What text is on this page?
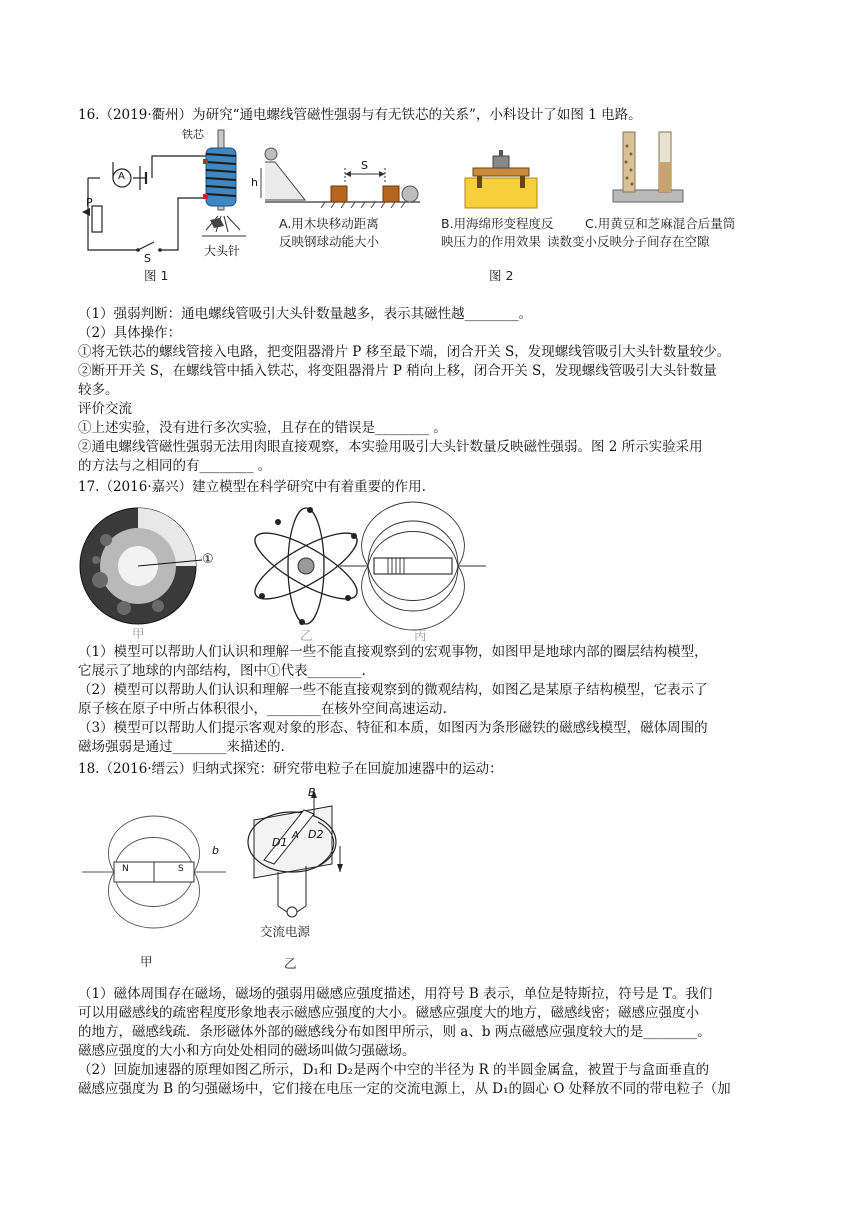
16.（2019·衢州）为研究“通电螺线管磁性强弱与有无铁芯的关系”，小科设计了如图 1 电路。
铁芯
大头针
P
S
A
图 1
h
S
A.用木块移动距离
反映钢球动能大小
B.用海绵形变程度反
映压力的作用效果
C.用黄豆和芝麻混合后量筒
读数变小反映分子间存在空隙
图 2
（1）强弱判断：通电螺线管吸引大头针数量越多，表示其磁性越________。
（2）具体操作：
①将无铁芯的螺线管接入电路，把变阻器滑片 P 移至最下端，闭合开关 S，发现螺线管吸引大头针数量较少。
②断开开关 S，在螺线管中插入铁芯，将变阻器滑片 P 稍向上移，闭合开关 S，发现螺线管吸引大头针数量
较多。
评价交流
①上述实验，没有进行多次实验，且存在的错误是________ 。
②通电螺线管磁性强弱无法用肉眼直接观察，本实验用吸引大头针数量反映磁性强弱。图 2 所示实验采用
的方法与之相同的有________ 。
17.（2016·嘉兴）建立模型在科学研究中有着重要的作用.
①
甲	乙	丙
（1）模型可以帮助人们认识和理解一些不能直接观察到的宏观事物，如图甲是地球内部的圈层结构模型，
它展示了地球的内部结构，图中①代表________.
（2）模型可以帮助人们认识和理解一些不能直接观察到的微观结构，如图乙是某原子结构模型，它表示了
原子核在原子中所占体积很小，________在核外空间高速运动.
（3）模型可以帮助人们提示客观对象的形态、特征和本质，如图丙为条形磁铁的磁感线模型，磁体周围的
磁场强弱是通过________来描述的.
18.（2016·缙云）归纳式探究：研究带电粒子在回旋加速器中的运动：
N	S
b
甲
B
D1
D2
A
交流电源
乙
（1）磁体周围存在磁场，磁场的强弱用磁感应强度描述，用符号 B 表示，单位是特斯拉，符号是 T。我们
可以用磁感线的疏密程度形象地表示磁感应强度的大小。磁感应强度大的地方，磁感线密；磁感应强度小
的地方，磁感线疏．条形磁体外部的磁感线分布如图甲所示，则 a、b 两点磁感应强度较大的是________。
磁感应强度的大小和方向处处相同的磁场叫做匀强磁场。
（2）回旋加速器的原理如图乙所示，D₁和 D₂是两个中空的半径为 R 的半圆金属盒，被置于与盒面垂直的
磁感应强度为 B 的匀强磁场中，它们接在电压一定的交流电源上，从 D₁的圆心 O 处释放不同的带电粒子（加
